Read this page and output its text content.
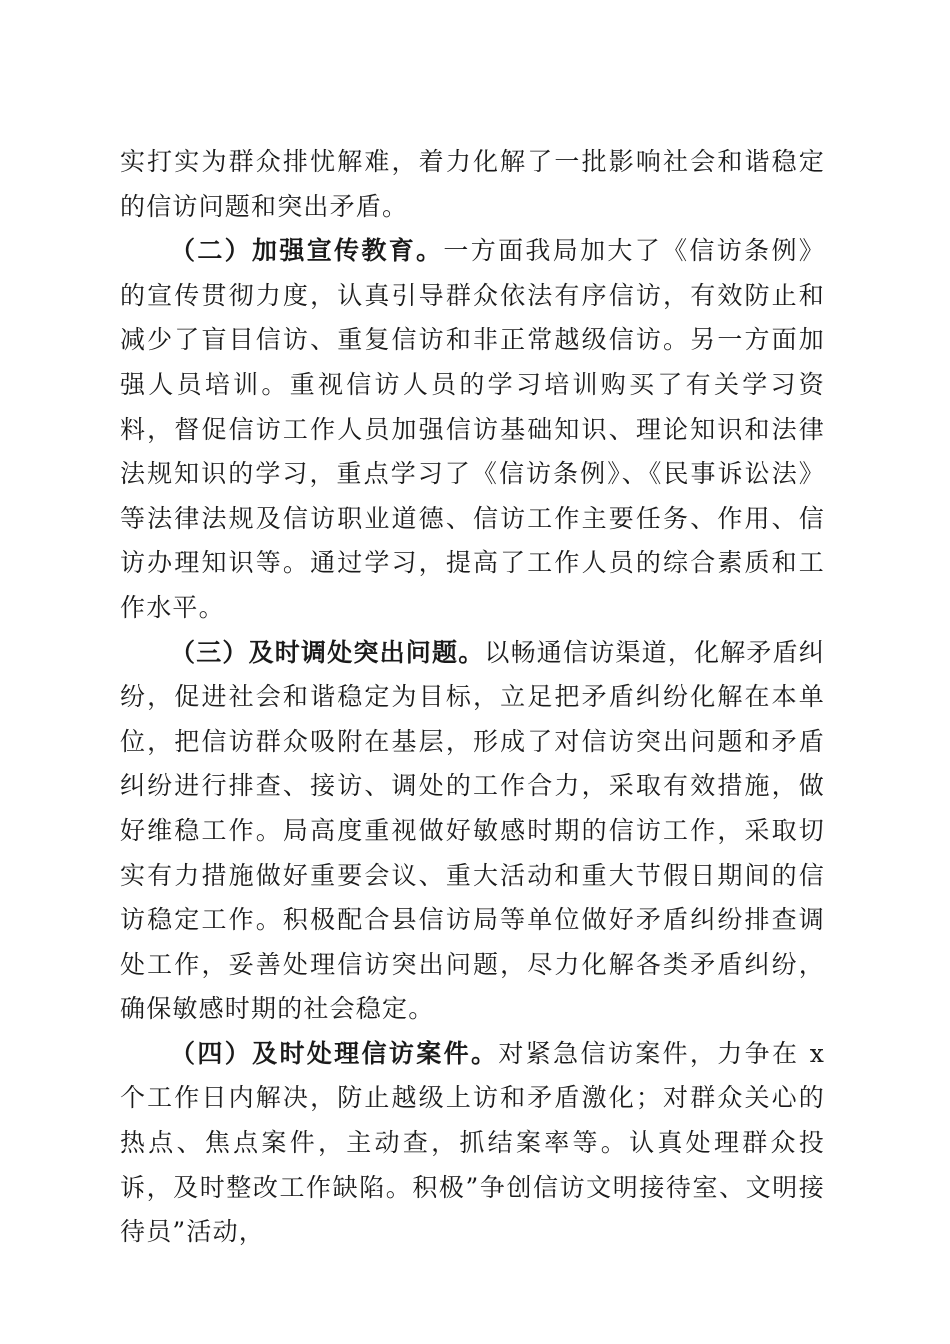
实打实为群众排忧解难，着力化解了一批影响社会和谐稳定的信访问题和突出矛盾。

（二）加强宣传教育。一方面我局加大了《信访条例》的宣传贯彻力度，认真引导群众依法有序信访，有效防止和减少了盲目信访、重复信访和非正常越级信访。另一方面加强人员培训。重视信访人员的学习培训购买了有关学习资料，督促信访工作人员加强信访基础知识、理论知识和法律法规知识的学习，重点学习了《信访条例》、《民事诉讼法》等法律法规及信访职业道德、信访工作主要任务、作用、信访办理知识等。通过学习，提高了工作人员的综合素质和工作水平。

（三）及时调处突出问题。以畅通信访渠道，化解矛盾纠纷，促进社会和谐稳定为目标，立足把矛盾纠纷化解在本单位，把信访群众吸附在基层，形成了对信访突出问题和矛盾纠纷进行排查、接访、调处的工作合力，采取有效措施，做好维稳工作。局高度重视做好敏感时期的信访工作，采取切实有力措施做好重要会议、重大活动和重大节假日期间的信访稳定工作。积极配合县信访局等单位做好矛盾纠纷排查调处工作，妥善处理信访突出问题，尽力化解各类矛盾纠纷，确保敏感时期的社会稳定。

（四）及时处理信访案件。对紧急信访案件，力争在 x 个工作日内解决，防止越级上访和矛盾激化；对群众关心的热点、焦点案件，主动查，抓结案率等。认真处理群众投诉，及时整改工作缺陷。积极”争创信访文明接待室、文明接待员”活动，
